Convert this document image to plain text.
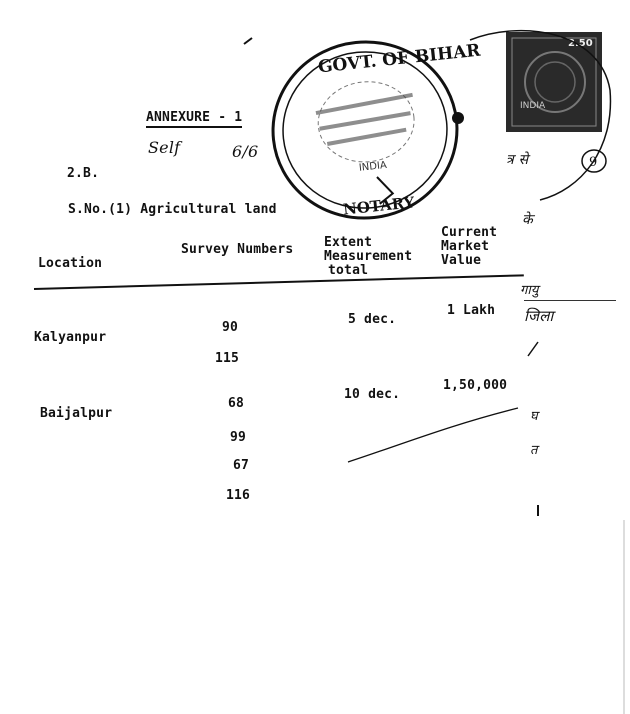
GOVT. OF BIHAR
NOTARY
INDIA
2.50
INDIA
9
ANNEXURE - 1
Self	6/6
2.B.
S.No.(1) Agricultural land
Location
Survey Numbers Extent
Measurement
total
Current
Market
Value
Kalyanpur
90
115
5 dec.
1 Lakh
Baijalpur
68
99
67
116
10 dec.
1,50,000
त्र से
के
गायु
जिला
घ
त
